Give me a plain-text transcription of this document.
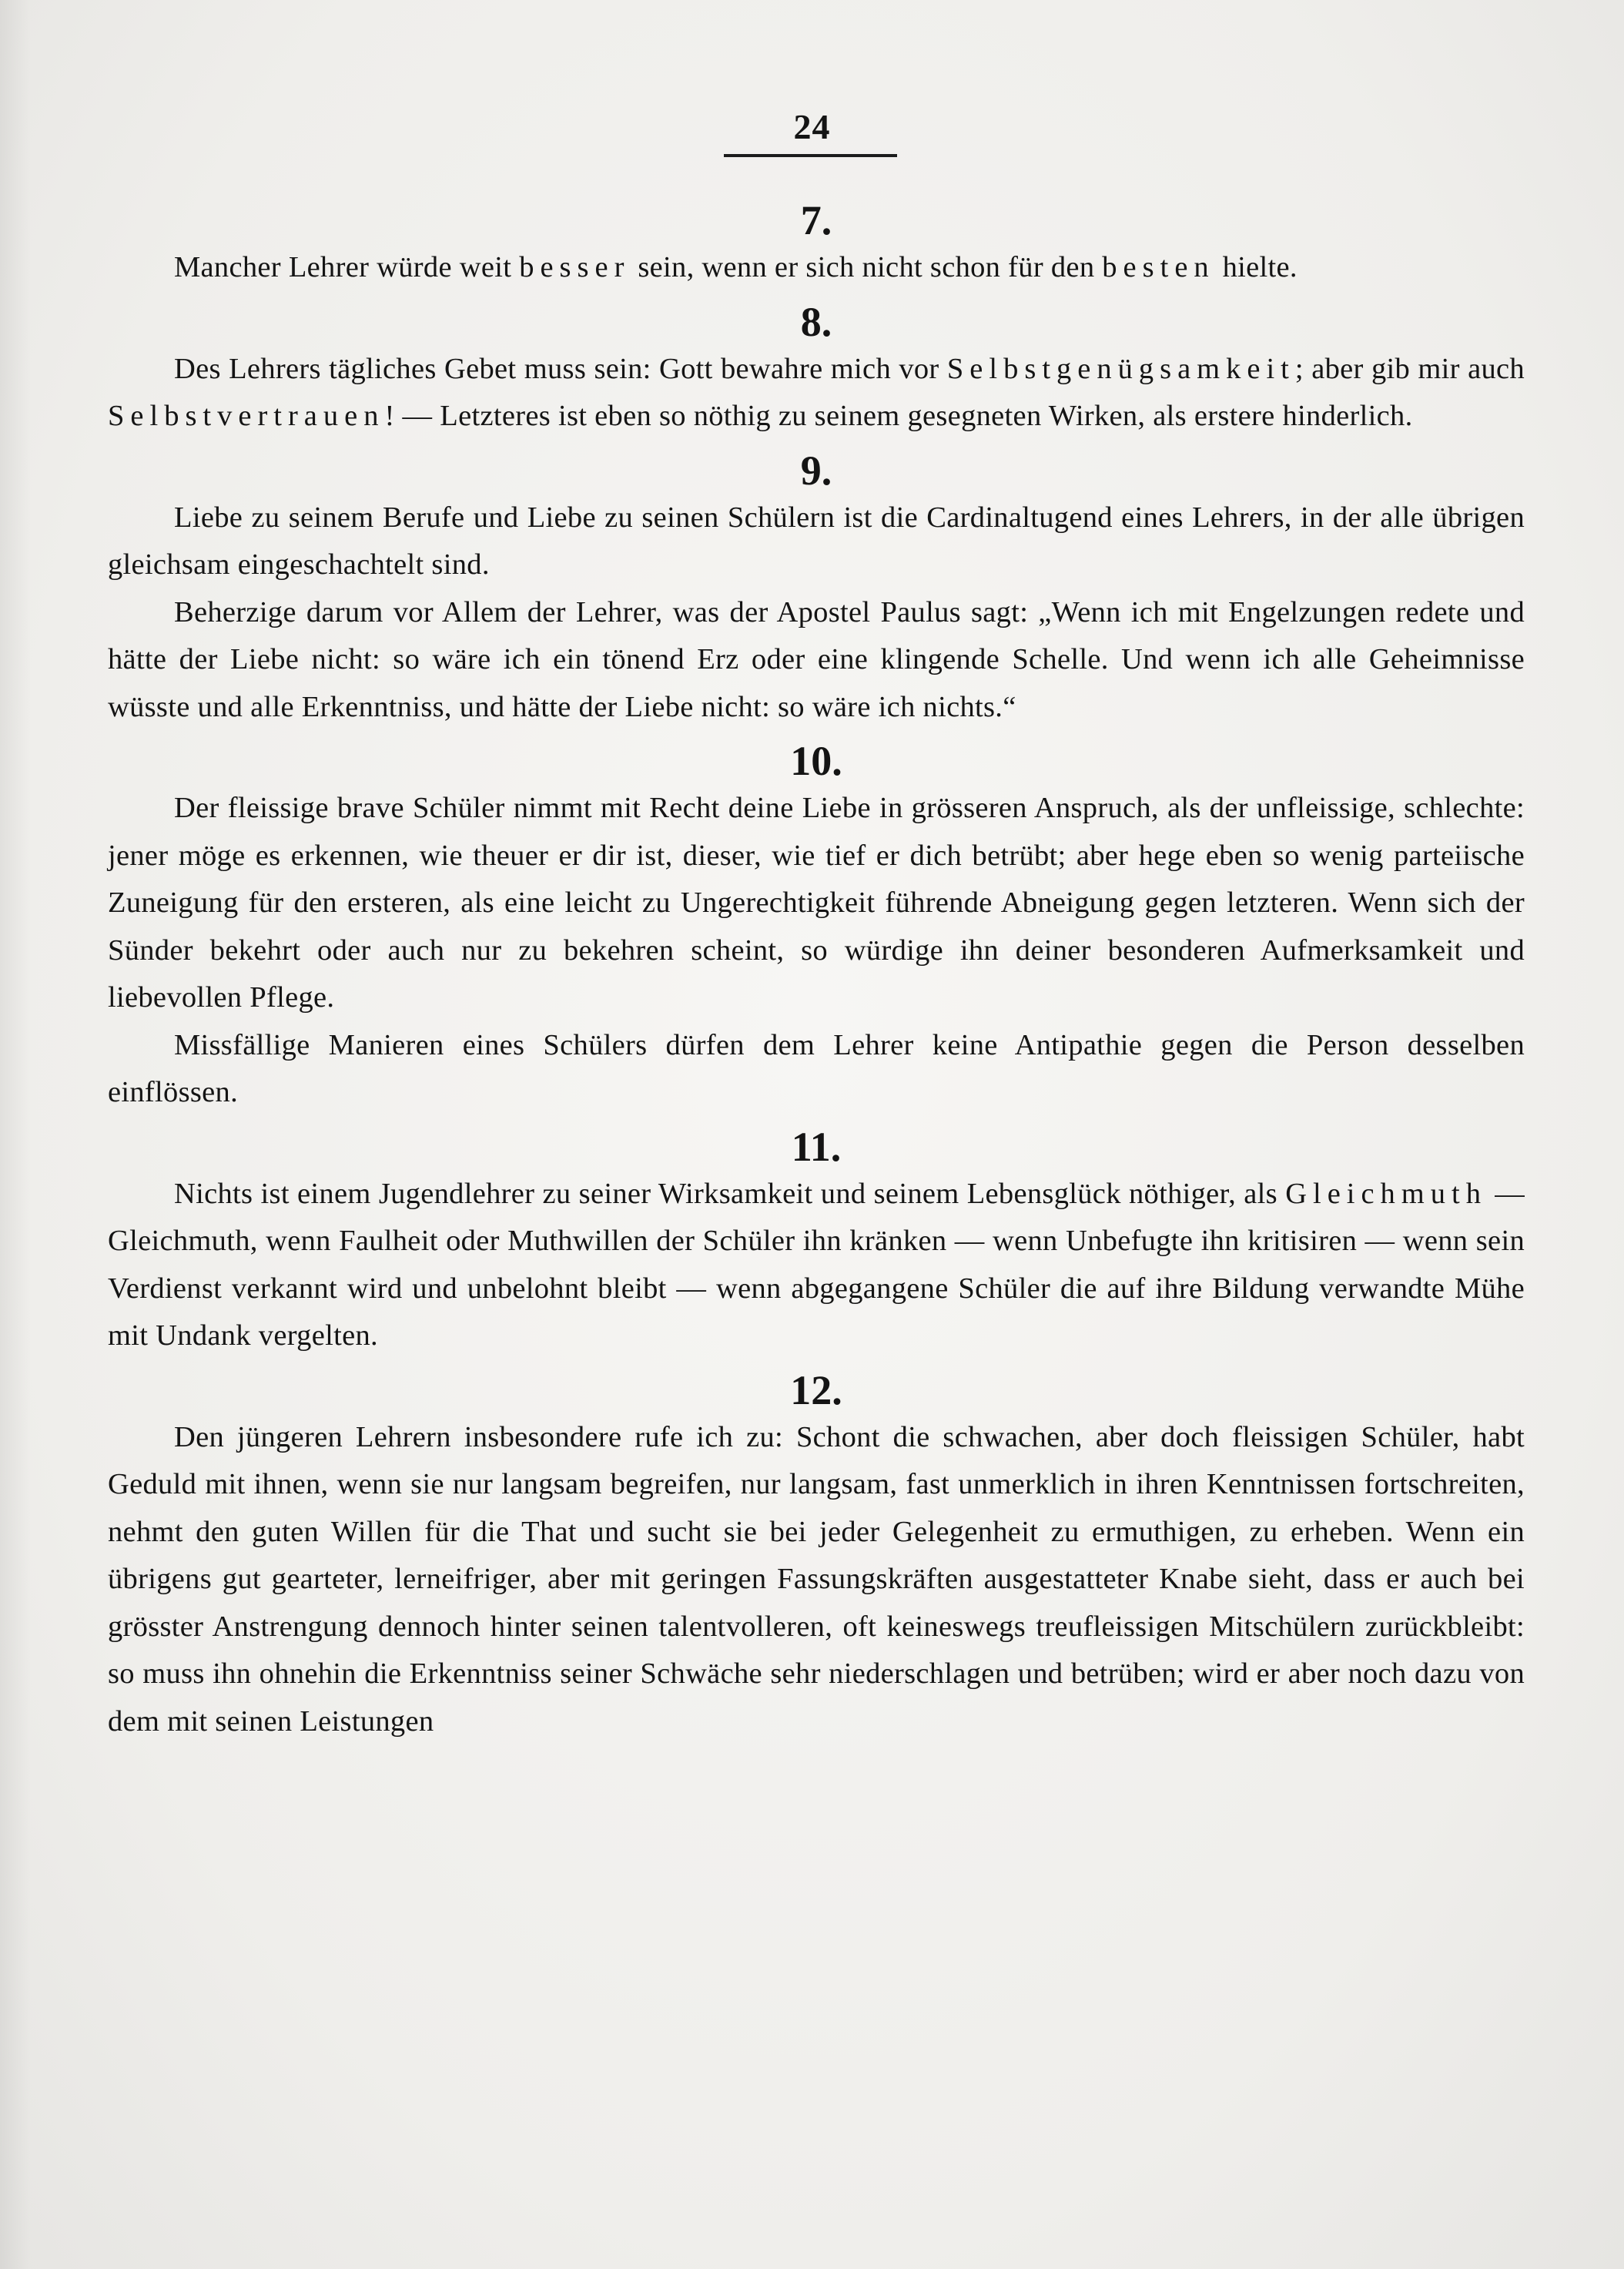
24
7.

Mancher Lehrer würde weit besser sein, wenn er sich nicht schon für den besten hielte.

8.

Des Lehrers tägliches Gebet muss sein: Gott bewahre mich vor Selbstgenügsamkeit; aber gib mir auch Selbstvertrauen! — Letzteres ist eben so nöthig zu seinem gesegneten Wirken, als erstere hinderlich.

9.

Liebe zu seinem Berufe und Liebe zu seinen Schülern ist die Cardinaltugend eines Lehrers, in der alle übrigen gleichsam eingeschachtelt sind.

Beherzige darum vor Allem der Lehrer, was der Apostel Paulus sagt: „Wenn ich mit Engelzungen redete und hätte der Liebe nicht: so wäre ich ein tönend Erz oder eine klingende Schelle. Und wenn ich alle Geheimnisse wüsste und alle Erkenntniss, und hätte der Liebe nicht: so wäre ich nichts.“

10.

Der fleissige brave Schüler nimmt mit Recht deine Liebe in grösseren Anspruch, als der unfleissige, schlechte: jener möge es erkennen, wie theuer er dir ist, dieser, wie tief er dich betrübt; aber hege eben so wenig parteiische Zuneigung für den ersteren, als eine leicht zu Ungerechtigkeit führende Abneigung gegen letzteren. Wenn sich der Sünder bekehrt oder auch nur zu bekehren scheint, so würdige ihn deiner besonderen Aufmerksamkeit und liebevollen Pflege.

Missfällige Manieren eines Schülers dürfen dem Lehrer keine Antipathie gegen die Person desselben einflössen.

11.

Nichts ist einem Jugendlehrer zu seiner Wirksamkeit und seinem Lebensglück nöthiger, als Gleichmuth — Gleichmuth, wenn Faulheit oder Muthwillen der Schüler ihn kränken — wenn Unbefugte ihn kritisiren — wenn sein Verdienst verkannt wird und unbelohnt bleibt — wenn abgegangene Schüler die auf ihre Bildung verwandte Mühe mit Undank vergelten.

12.

Den jüngeren Lehrern insbesondere rufe ich zu: Schont die schwachen, aber doch fleissigen Schüler, habt Geduld mit ihnen, wenn sie nur langsam begreifen, nur langsam, fast unmerklich in ihren Kenntnissen fortschreiten, nehmt den guten Willen für die That und sucht sie bei jeder Gelegenheit zu ermuthigen, zu erheben. Wenn ein übrigens gut gearteter, lerneifriger, aber mit geringen Fassungskräften ausgestatteter Knabe sieht, dass er auch bei grösster Anstrengung dennoch hinter seinen talentvolleren, oft keineswegs treufleissigen Mitschülern zurückbleibt: so muss ihn ohnehin die Erkenntniss seiner Schwäche sehr niederschlagen und betrüben; wird er aber noch dazu von dem mit seinen Leistungen
